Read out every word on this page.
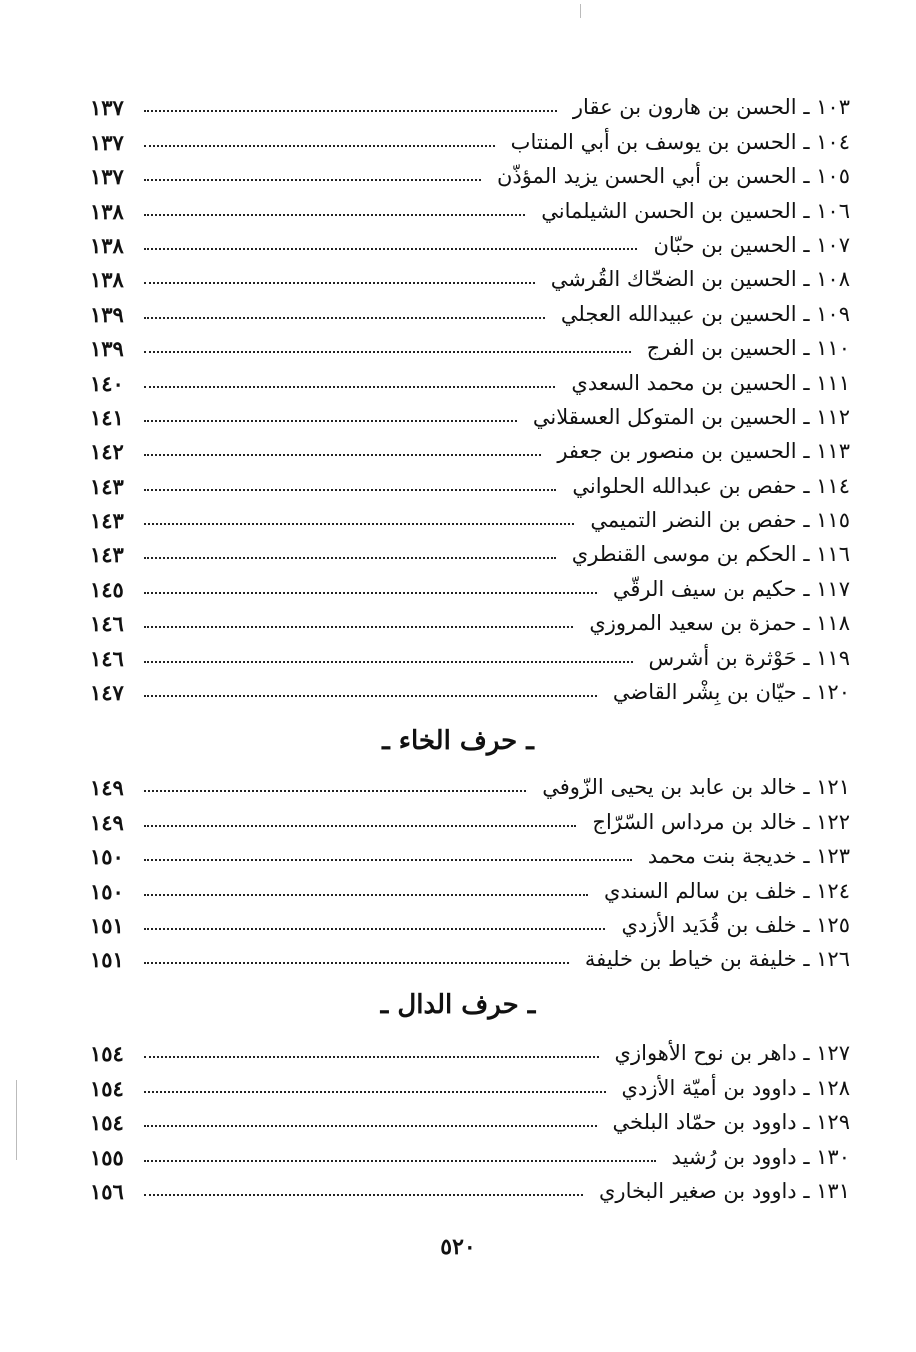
١٠٣ ـ الحسن بن هارون بن عقار
١٣٧
١٠٤ ـ الحسن بن يوسف بن أبي المنتاب
١٣٧
١٠٥ ـ الحسن بن أبي الحسن يزيد المؤذّن
١٣٧
١٠٦ ـ الحسين بن الحسن الشيلماني
١٣٨
١٠٧ ـ الحسين بن حبّان
١٣٨
١٠٨ ـ الحسين بن الضحّاك القُرشي
١٣٨
١٠٩ ـ الحسين بن عبيدالله العجلي
١٣٩
١١٠ ـ الحسين بن الفرج
١٣٩
١١١ ـ الحسين بن محمد السعدي
١٤٠
١١٢ ـ الحسين بن المتوكل العسقلاني
١٤١
١١٣ ـ الحسين بن منصور بن جعفر
١٤٢
١١٤ ـ حفص بن عبدالله الحلواني
١٤٣
١١٥ ـ حفص بن النضر التميمي
١٤٣
١١٦ ـ الحكم بن موسى القنطري
١٤٣
١١٧ ـ حكيم بن سيف الرقّي
١٤٥
١١٨ ـ حمزة بن سعيد المروزي
١٤٦
١١٩ ـ حَوْثرة بن أشرس
١٤٦
١٢٠ ـ حيّان بن بِشْر القاضي
١٤٧
ـ حرف الخاء ـ
١٢١ ـ خالد بن عابد بن يحيى الزّوفي
١٤٩
١٢٢ ـ خالد بن مرداس السّرّاج
١٤٩
١٢٣ ـ خديجة بنت محمد
١٥٠
١٢٤ ـ خلف بن سالم السندي
١٥٠
١٢٥ ـ خلف بن قُدَيد الأزدي
١٥١
١٢٦ ـ خليفة بن خياط بن خليفة
١٥١
ـ حرف الدال ـ
١٢٧ ـ داهر بن نوح الأهوازي
١٥٤
١٢٨ ـ داوود بن أميّة الأزدي
١٥٤
١٢٩ ـ داوود بن حمّاد البلخي
١٥٤
١٣٠ ـ داوود بن رُشيد
١٥٥
١٣١ ـ داوود بن صغير البخاري
١٥٦
٥٢٠
